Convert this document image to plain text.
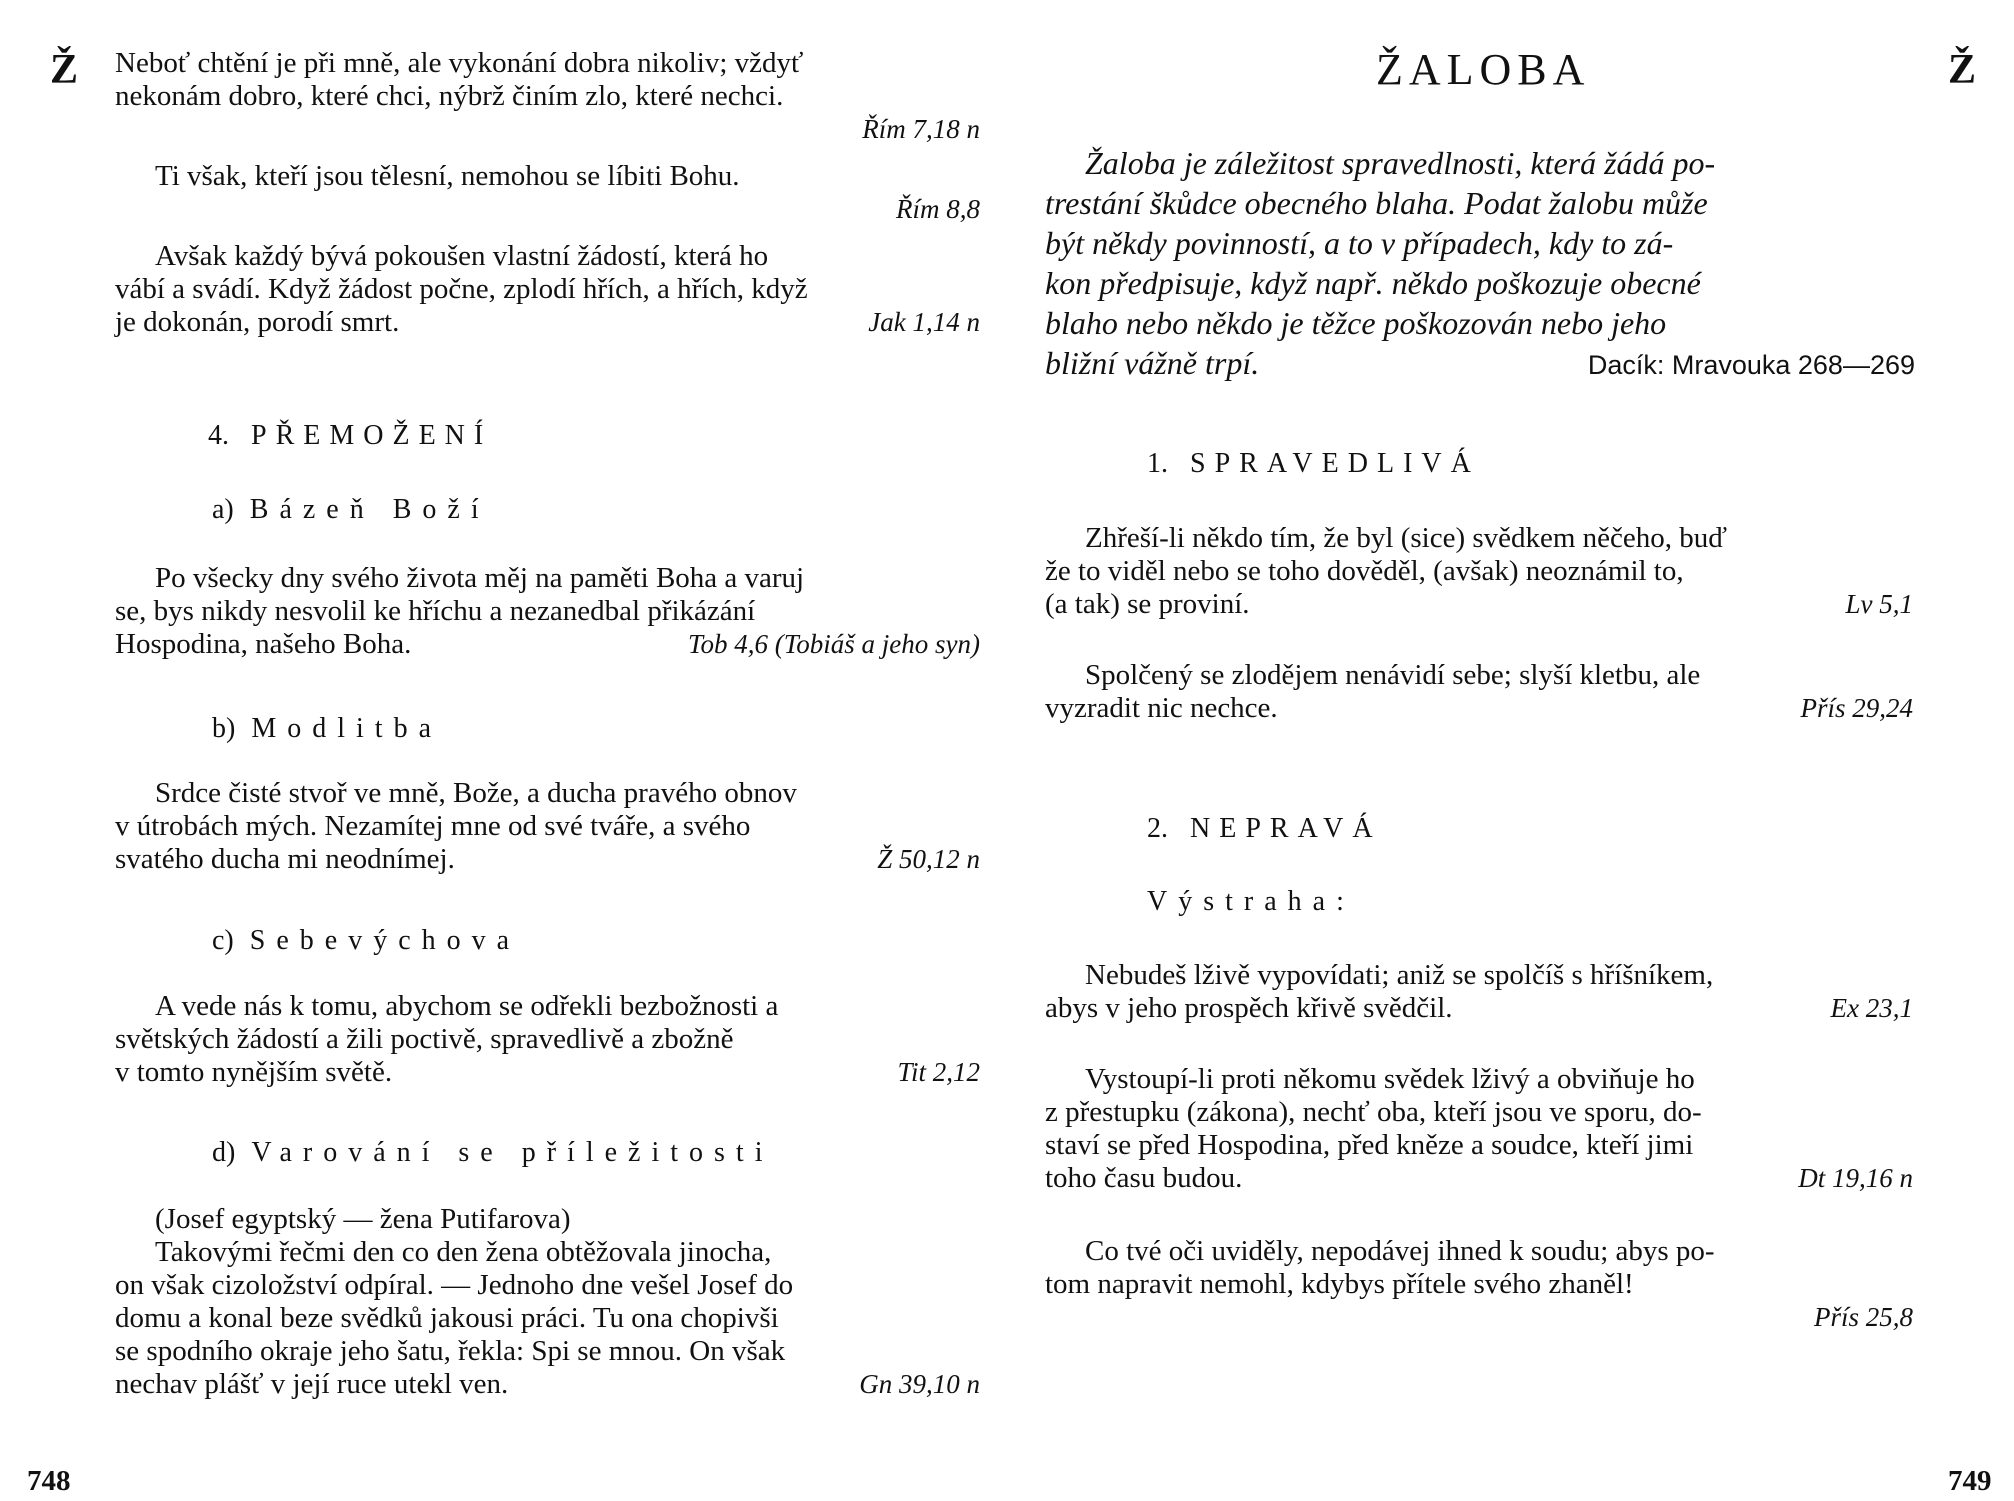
Ž Neboť chtění je při mně, ale vykonání dobra nikoliv; vždyť
nekonám dobro, které chci, nýbrž činím zlo, které nechci.
Řím 7,18 n
Ti však, kteří jsou tělesní, nemohou se líbiti Bohu.
Řím 8,8
Avšak každý bývá pokoušen vlastní žádostí, která ho
vábí a svádí. Když žádost počne, zplodí hřích, a hřích, když
je dokonán, porodí smrt.	Jak 1,14 n
4. PŘEMOŽENÍ
a) Bázeň Boží
Po všecky dny svého života měj na paměti Boha a varuj
se, bys nikdy nesvolil ke hříchu a nezanedbal přikázání
Hospodina, našeho Boha.	Tob 4,6 (Tobiáš a jeho syn)
b) Modlitba
Srdce čisté stvoř ve mně, Bože, a ducha pravého obnov
v útrobách mých. Nezamítej mne od své tváře, a svého
svatého ducha mi neodnímej.	Ž 50,12 n
c) Sebevýchova
A vede nás k tomu, abychom se odřekli bezbožnosti a
světských žádostí a žili poctivě, spravedlivě a zbožně
v tomto nynějším světě.	Tit 2,12
d) Varování se příležitosti
(Josef egyptský — žena Putifarova)
Takovými řečmi den co den žena obtěžovala jinocha,
on však cizoložství odpíral. — Jednoho dne vešel Josef do
domu a konal beze svědků jakousi práci. Tu ona chopivši
se spodního okraje jeho šatu, řekla: Spi se mnou. On však
nechav plášť v její ruce utekl ven.	Gn 39,10 n
748
Ž
ŽALOBA
Žaloba je záležitost spravedlnosti, která žádá po-
trestání škůdce obecného blaha. Podat žalobu může
být někdy povinností, a to v případech, kdy to zá-
kon předpisuje, když např. někdo poškozuje obecné
blaho nebo někdo je těžce poškozován nebo jeho
bližní vážně trpí.	Dacík: Mravouka 268—269
1. SPRAVEDLIVÁ
Zhřeší-li někdo tím, že byl (sice) svědkem něčeho, buď
že to viděl nebo se toho dověděl, (avšak) neoznámil to,
(a tak) se proviní.	Lv 5,1
Spolčený se zlodějem nenávidí sebe; slyší kletbu, ale
vyzradit nic nechce.	Přís 29,24
2. NEPRAVÁ
Výstraha:
Nebudeš lživě vypovídati; aniž se spolčíš s hříšníkem,
abys v jeho prospěch křivě svědčil.	Ex 23,1
Vystoupí-li proti někomu svědek lživý a obviňuje ho
z přestupku (zákona), nechť oba, kteří jsou ve sporu, do-
staví se před Hospodina, před kněze a soudce, kteří jimi
toho času budou.	Dt 19,16 n
Co tvé oči uviděly, nepodávej ihned k soudu; abys po-
tom napravit nemohl, kdybys přítele svého zhaněl!
Přís 25,8
749
